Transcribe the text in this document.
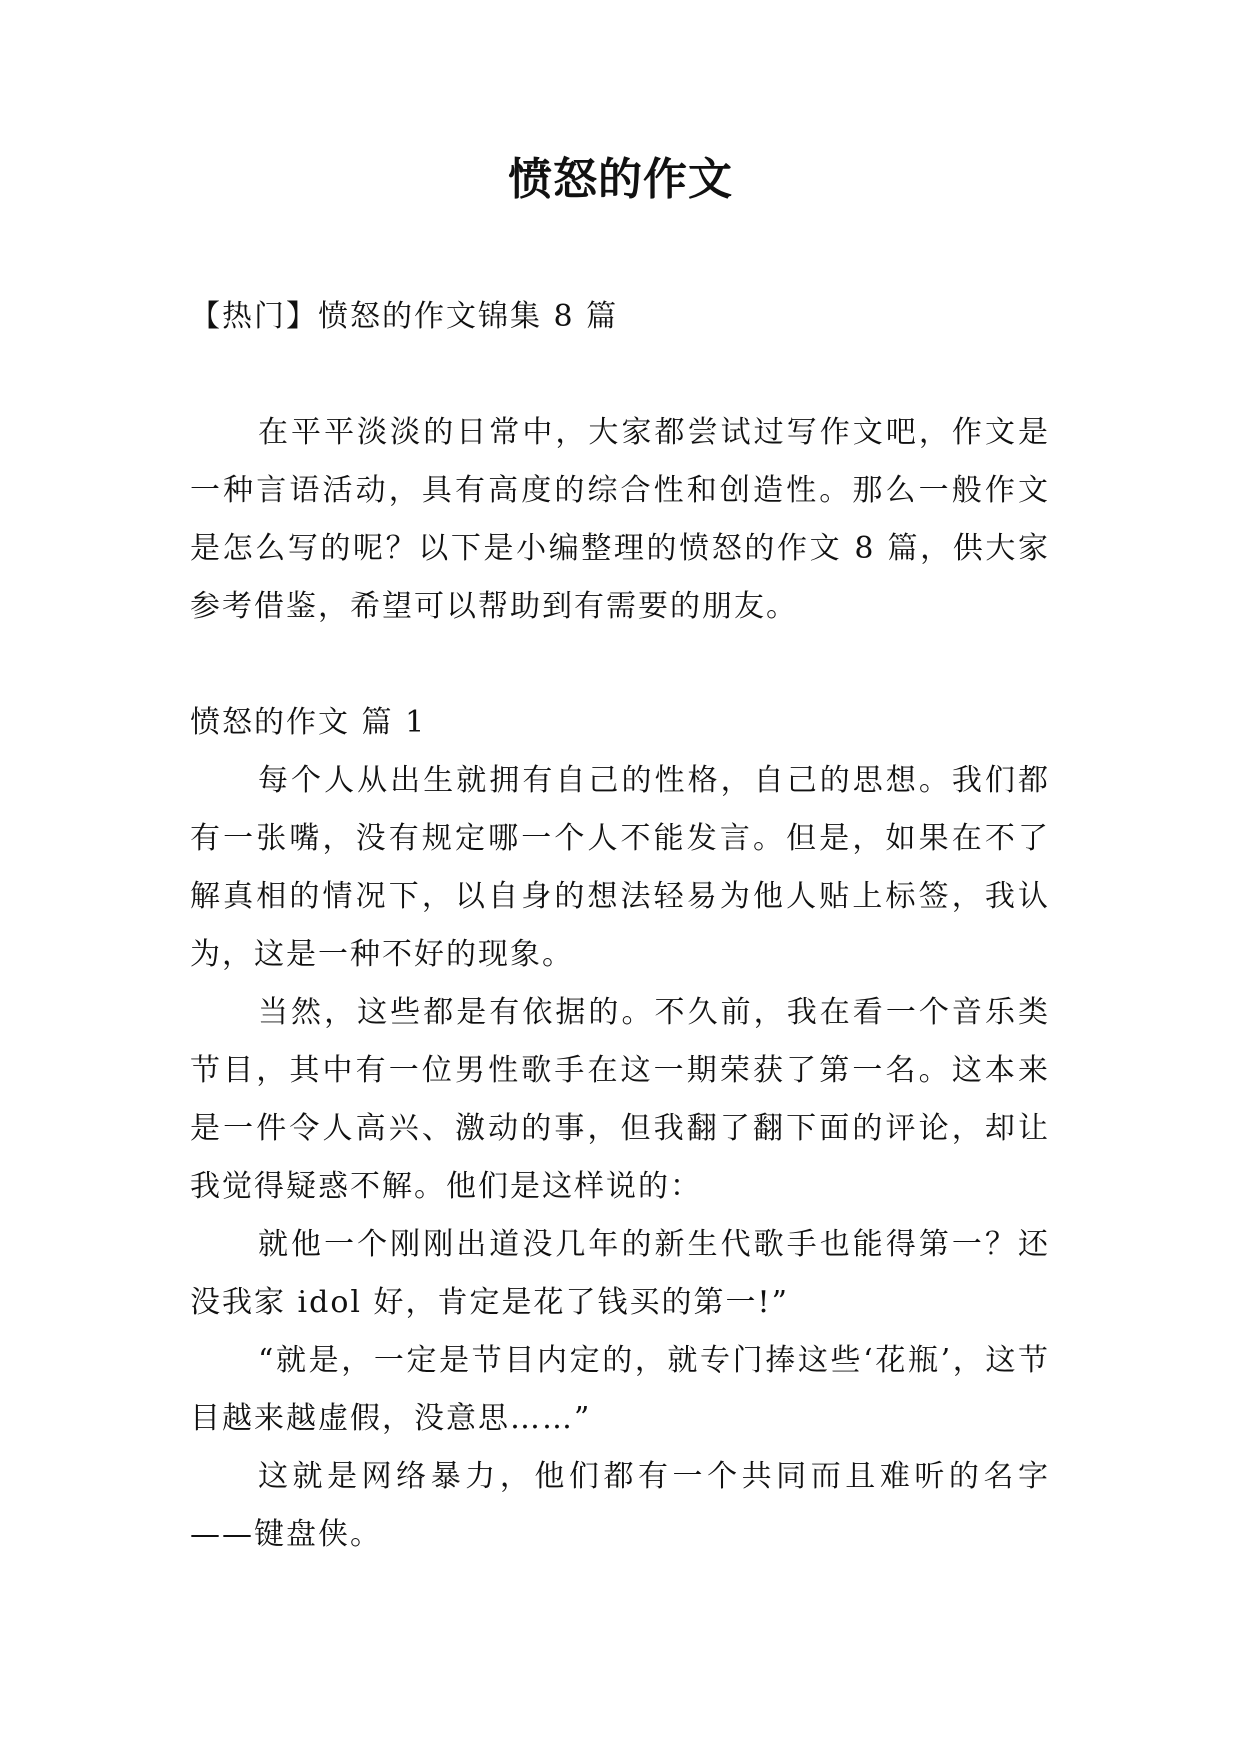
愤怒的作文
【热门】愤怒的作文锦集 8 篇

在平平淡淡的日常中，大家都尝试过写作文吧，作文是一种言语活动，具有高度的综合性和创造性。那么一般作文是怎么写的呢？以下是小编整理的愤怒的作文 8 篇，供大家参考借鉴，希望可以帮助到有需要的朋友。

愤怒的作文 篇 1

每个人从出生就拥有自己的性格，自己的思想。我们都有一张嘴，没有规定哪一个人不能发言。但是，如果在不了解真相的情况下，以自身的想法轻易为他人贴上标签，我认为，这是一种不好的现象。

当然，这些都是有依据的。不久前，我在看一个音乐类节目，其中有一位男性歌手在这一期荣获了第一名。这本来是一件令人高兴、激动的事，但我翻了翻下面的评论，却让我觉得疑惑不解。他们是这样说的：

就他一个刚刚出道没几年的新生代歌手也能得第一？还没我家 idol 好，肯定是花了钱买的第一!”

“就是，一定是节目内定的，就专门捧这些‘花瓶’，这节目越来越虚假，没意思……”

这就是网络暴力，他们都有一个共同而且难听的名字——键盘侠。
